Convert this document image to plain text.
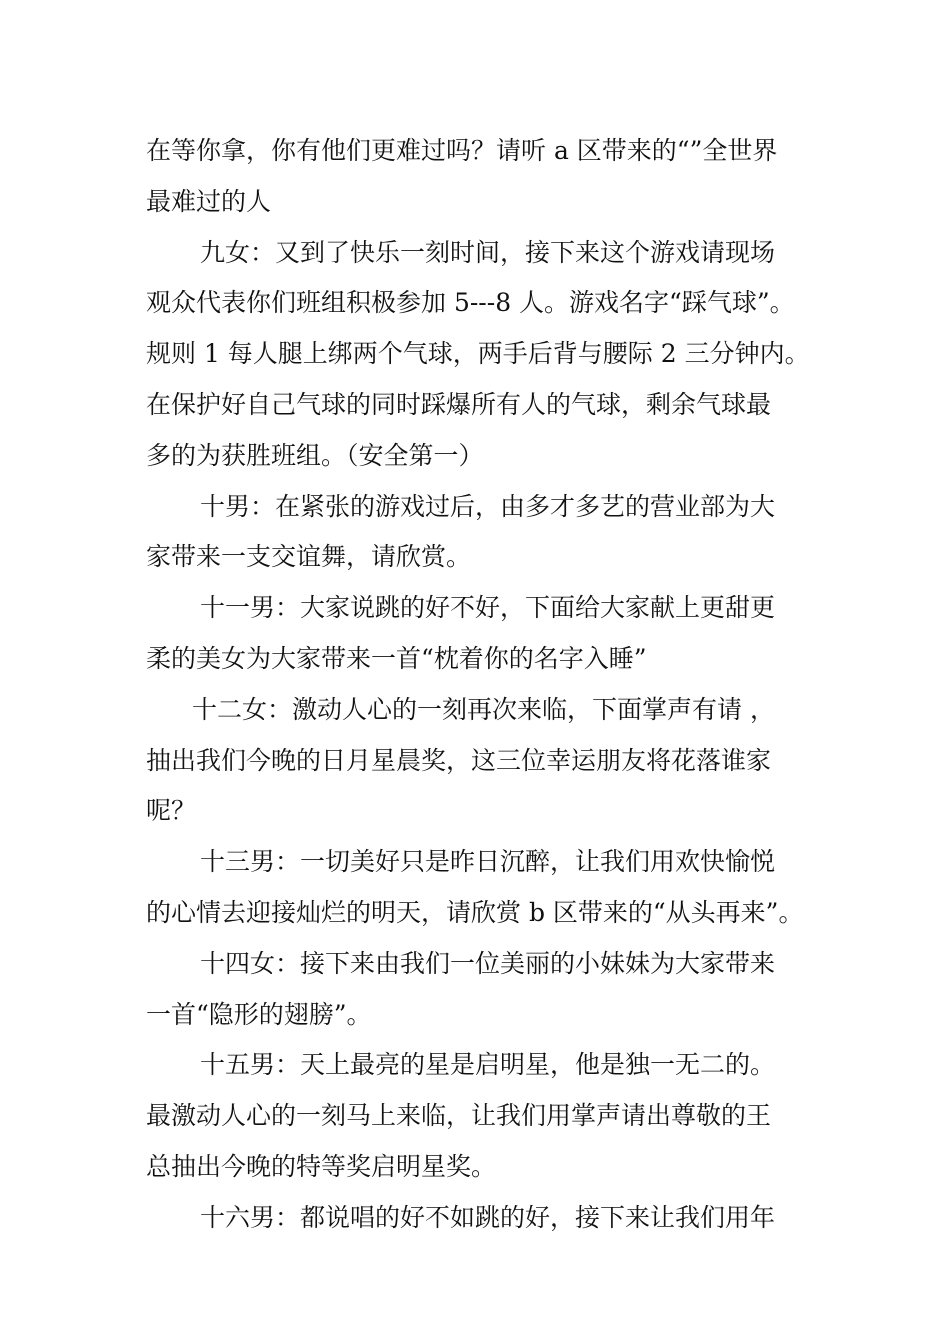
在等你拿，你有他们更难过吗？请听 a 区带来的“”全世界
最难过的人
九女：又到了快乐一刻时间，接下来这个游戏请现场
观众代表你们班组积极参加 5---8 人。游戏名字“踩气球”。
规则 1 每人腿上绑两个气球，两手后背与腰际 2 三分钟内。
在保护好自己气球的同时踩爆所有人的气球，剩余气球最
多的为获胜班组。（安全第一）
十男：在紧张的游戏过后，由多才多艺的营业部为大
家带来一支交谊舞，请欣赏。
十一男：大家说跳的好不好，下面给大家献上更甜更
柔的美女为大家带来一首“枕着你的名字入睡”
十二女：激动人心的一刻再次来临，下面掌声有请 ，
抽出我们今晚的日月星晨奖，这三位幸运朋友将花落谁家
呢？
十三男：一切美好只是昨日沉醉，让我们用欢快愉悦
的心情去迎接灿烂的明天，请欣赏 b 区带来的“从头再来”。
十四女：接下来由我们一位美丽的小妹妹为大家带来
一首“隐形的翅膀”。
十五男：天上最亮的星是启明星，他是独一无二的。
最激动人心的一刻马上来临，让我们用掌声请出尊敬的王
总抽出今晚的特等奖启明星奖。
十六男：都说唱的好不如跳的好，接下来让我们用年
